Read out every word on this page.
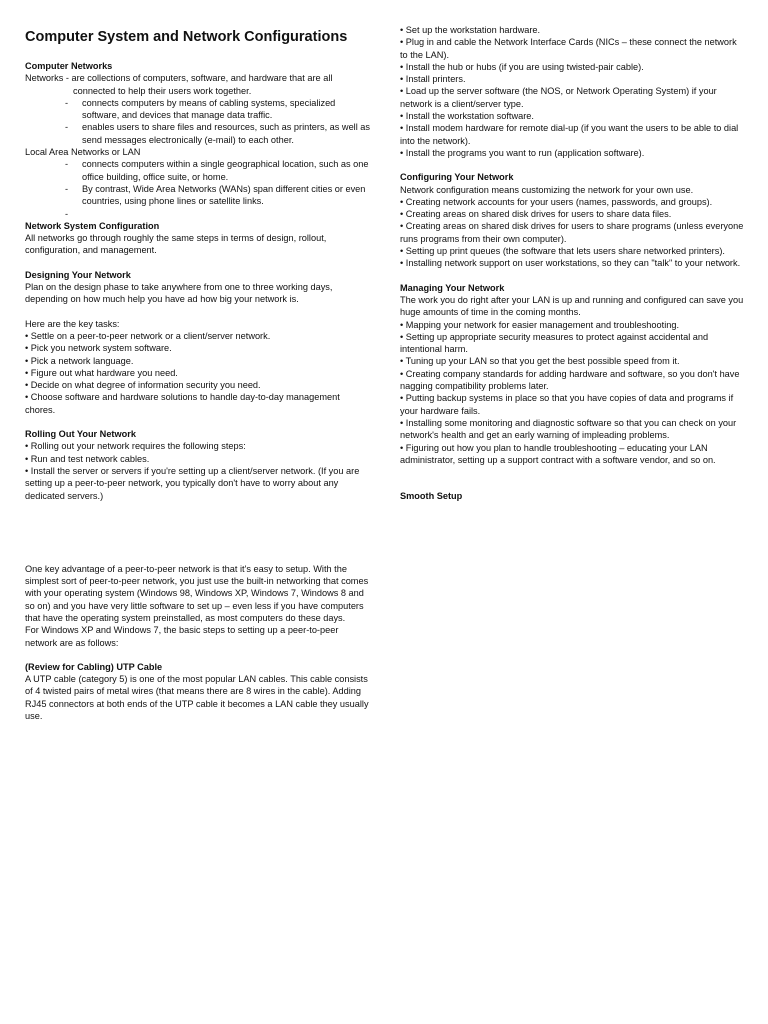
Computer System and Network Configurations

Computer Networks

Networks - are collections of computers, software, and hardware that are all

connected to help their users work together.

-	connects computers by means of cabling systems, specialized software, and devices that manage data traffic.
-	enables users to share files and resources, such as printers, as well as send messages electronically (e-mail) to each other.

Local Area Networks or LAN

-	connects computers within a single geographical location, such as one office building, office suite, or home.
-	By contrast, Wide Area Networks (WANs) span different cities or even countries, using phone lines or satellite links.
-

Network System Configuration

All networks go through roughly the same steps in terms of design, rollout, configuration, and management.

Designing Your Network

Plan on the design phase to take anywhere from one to three working days, depending on how much help you have ad how big your network is.

Here are the key tasks:

• Settle on a peer-to-peer network or a client/server network.

• Pick you network system software.

• Pick a network language.

• Figure out what hardware you need.

• Decide on what degree of information security you need.

• Choose software and hardware solutions to handle day-to-day management chores.

Rolling Out Your Network

• Rolling out your network requires the following steps:

• Run and test network cables.

• Install the server or servers if you're setting up a client/server network. (If you are setting up a peer-to-peer network, you typically don't have to worry about any dedicated servers.)

One key advantage of a peer-to-peer network is that it's easy to setup. With the simplest sort of peer-to-peer network, you just use the built-in networking that comes with your operating system (Windows 98, Windows XP, Windows 7, Windows 8 and so on) and you have very little software to set up – even less if you have computers that have the operating system preinstalled, as most computers do these days.

For Windows XP and Windows 7, the basic steps to setting up a peer-to-peer network are as follows:

(Review for Cabling) UTP Cable

A UTP cable (category 5) is one of the most popular LAN cables. This cable consists of 4 twisted pairs of metal wires (that means there are 8 wires in the cable). Adding RJ45 connectors at both ends of the UTP cable it becomes a LAN cable they usually use.

• Set up the workstation hardware.

• Plug in and cable the Network Interface Cards (NICs – these connect the network to the LAN).

• Install the hub or hubs (if you are using twisted-pair cable).

• Install printers.

• Load up the server software (the NOS, or Network Operating System) if your network is a client/server type.

• Install the workstation software.

• Install modem hardware for remote dial-up (if you want the users to be able to dial into the network).

• Install the programs you want to run (application software).

Configuring Your Network

Network configuration means customizing the network for your own use.

• Creating network accounts for your users (names, passwords, and groups).

• Creating areas on shared disk drives for users to share data files.

• Creating areas on shared disk drives for users to share programs (unless everyone runs programs from their own computer).

• Setting up print queues (the software that lets users share networked printers).

• Installing network support on user workstations, so they can "talk" to your network.

Managing Your Network

The work you do right after your LAN is up and running and configured can save you huge amounts of time in the coming months.

• Mapping your network for easier management and troubleshooting.

• Setting up appropriate security measures to protect against accidental and intentional harm.

• Tuning up your LAN so that you get the best possible speed from it.

• Creating company standards for adding hardware and software, so you don't have nagging compatibility problems later.

• Putting backup systems in place so that you have copies of data and programs if your hardware fails.

• Installing some monitoring and diagnostic software so that you can check on your network's health and get an early warning of impleading problems.

• Figuring out how you plan to handle troubleshooting – educating your LAN administrator, setting up a support contract with a software vendor, and so on.

Smooth Setup
